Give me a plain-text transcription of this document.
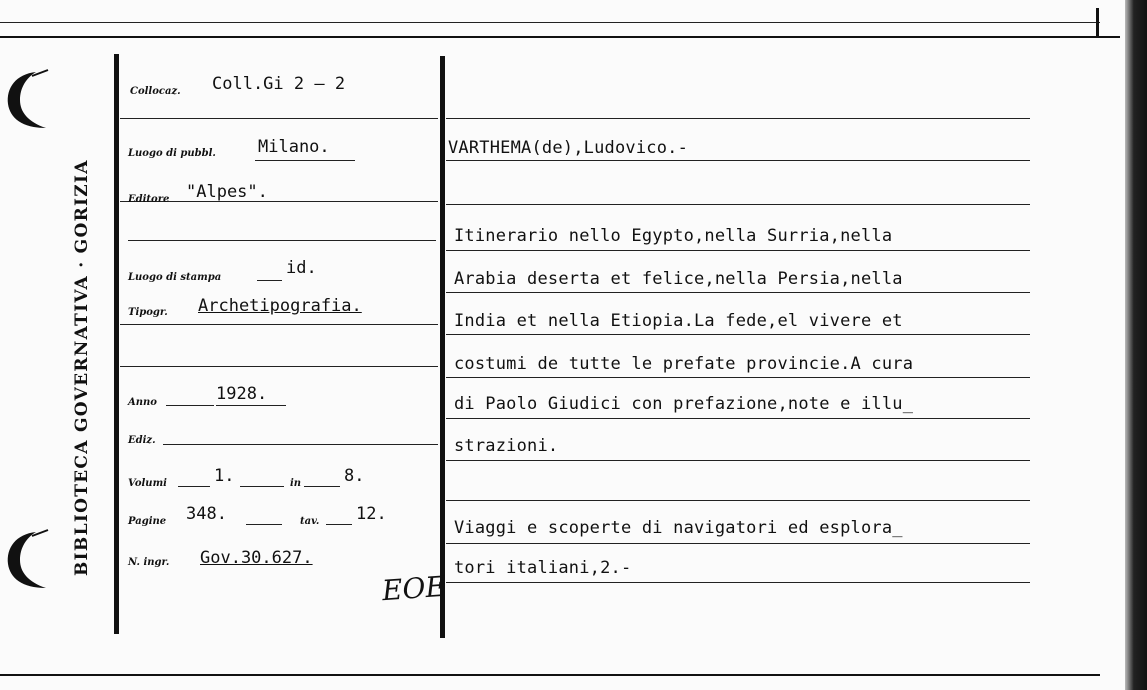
BIBLIOTECA GOVERNATIVA · GORIZIA
Collocaz. Coll.Gi 2 — 2
Luogo di pubbl. Milano.
Editore "Alpes".
Luogo di stampa	id.
Tipogr. Archetipografia.
Anno	1928.
Ediz.
Volumi	1.	in	8.
Pagine 348.	tav. 12.
N. ingr. Gov.30.627.
EOE
VARTHEMA(de),Ludovico.-
Itinerario nello Egypto,nella Surria,nella
Arabia deserta et felice,nella Persia,nella
India et nella Etiopia.La fede,el vivere et
costumi de tutte le prefate provincie.A cura
di Paolo Giudici con prefazione,note e illu_
strazioni.
Viaggi e scoperte di navigatori ed esplora_
tori italiani,2.-
